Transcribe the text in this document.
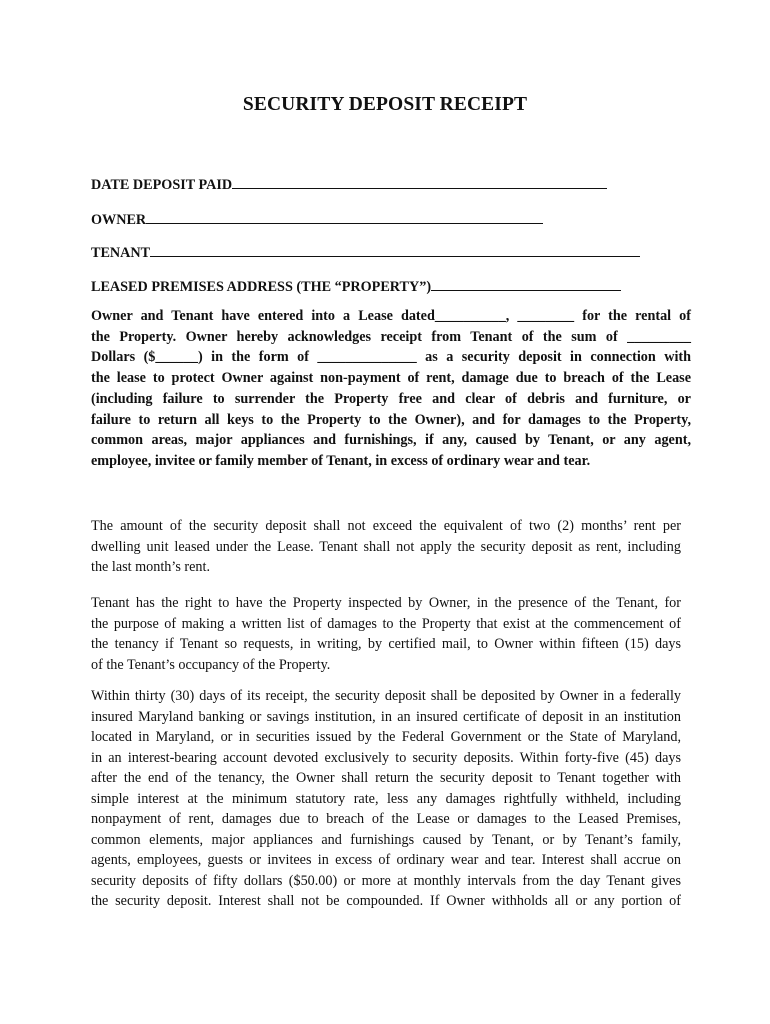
SECURITY DEPOSIT RECEIPT
DATE DEPOSIT PAID
OWNER
TENANT
LEASED PREMISES ADDRESS (THE “PROPERTY”)
Owner and Tenant have entered into a Lease dated__________, ________ for the rental of
the Property. Owner hereby acknowledges receipt from Tenant of the sum of _________
Dollars ($______) in the form of ______________ as a security deposit in connection with
the lease to protect Owner against non-payment of rent, damage due to breach of the Lease
(including failure to surrender the Property free and clear of debris and furniture, or
failure to return all keys to the Property to the Owner), and for damages to the Property,
common areas, major appliances and furnishings, if any, caused by Tenant, or any agent,
employee, invitee or family member of Tenant, in excess of ordinary wear and tear.
The amount of the security deposit shall not exceed the equivalent of two (2) months’ rent per
dwelling unit leased under the Lease. Tenant shall not apply the security deposit as rent, including
the last month’s rent.
Tenant has the right to have the Property inspected by Owner, in the presence of the Tenant, for
the purpose of making a written list of damages to the Property that exist at the commencement of
the tenancy if Tenant so requests, in writing, by certified mail, to Owner within fifteen (15) days
of the Tenant’s occupancy of the Property.
Within thirty (30) days of its receipt, the security deposit shall be deposited by Owner in a federally
insured Maryland banking or savings institution, in an insured certificate of deposit in an institution
located in Maryland, or in securities issued by the Federal Government or the State of Maryland,
in an interest-bearing account devoted exclusively to security deposits. Within forty-five (45) days
after the end of the tenancy, the Owner shall return the security deposit to Tenant together with
simple interest at the minimum statutory rate, less any damages rightfully withheld, including
nonpayment of rent, damages due to breach of the Lease or damages to the Leased Premises,
common elements, major appliances and furnishings caused by Tenant, or by Tenant’s family,
agents, employees, guests or invitees in excess of ordinary wear and tear. Interest shall accrue on
security deposits of fifty dollars ($50.00) or more at monthly intervals from the day Tenant gives
the security deposit. Interest shall not be compounded. If Owner withholds all or any portion of
